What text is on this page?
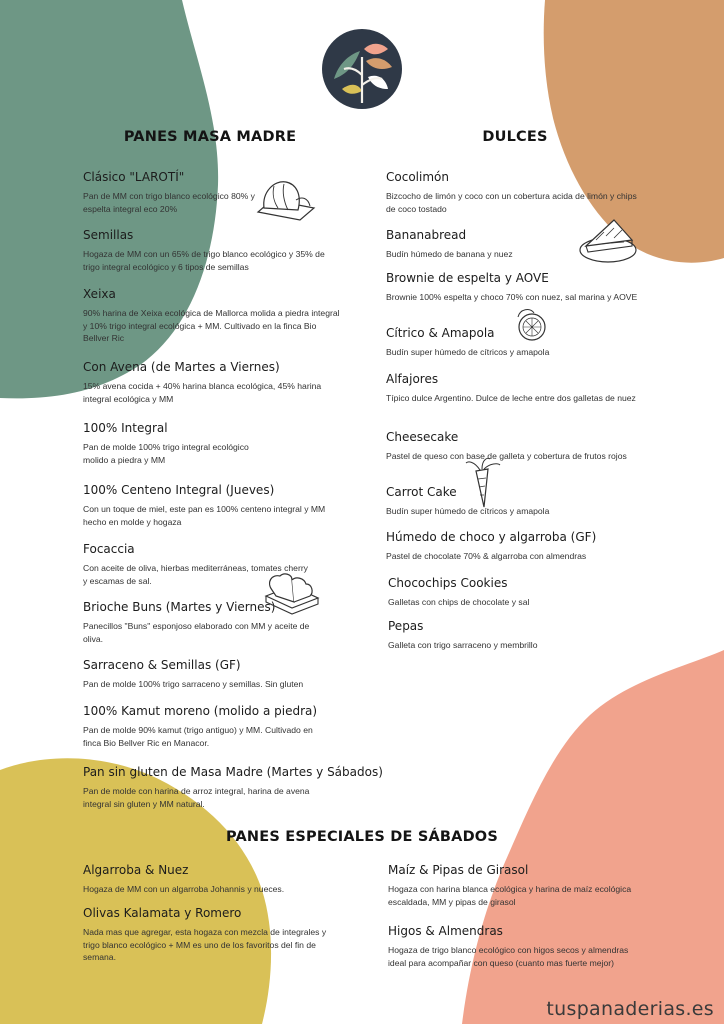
PANES MASA MADRE	DULCES
PANES ESPECIALES DE SÁBADOS
Clásico "LAROTÍ"
Pan de MM con trigo blanco ecológico 80% y espelta integral eco 20%
Semillas
Hogaza de MM con un 65% de trigo blanco ecológico y 35% de trigo integral ecológico y 6 tipos de semillas
Xeixa
90% harina de Xeixa ecológica de Mallorca molida a piedra integral y 10% trigo integral ecológica + MM. Cultivado en la finca Bio Bellver Ric
Con Avena (de Martes a Viernes)
15% avena cocida + 40% harina blanca ecológica, 45% harina integral ecológica y MM
100% Integral
Pan de molde 100% trigo integral ecológico molido a piedra y MM
100% Centeno Integral (Jueves)
Con un toque de miel, este pan es 100% centeno integral y MM hecho en molde y hogaza
Focaccia
Con aceite de oliva, hierbas mediterráneas, tomates cherry y escamas de sal.
Brioche Buns (Martes y Viernes)
Panecillos "Buns" esponjoso elaborado con MM y aceite de oliva.
Sarraceno & Semillas (GF)
Pan de molde 100% trigo sarraceno y semillas. Sin gluten
100% Kamut moreno (molido a piedra)
Pan de molde 90% kamut (trigo antiguo) y MM. Cultivado en finca Bio Bellver Ric en Manacor.
Pan sin gluten de Masa Madre (Martes y Sábados)
Pan de molde con harina de arroz integral, harina de avena integral sin gluten y MM natural.
Cocolimón
Bizcocho de limón y coco con un cobertura acida de limón y chips de coco tostado
Bananabread
Budín húmedo de banana y nuez
Brownie de espelta y AOVE
Brownie 100% espelta y choco 70% con nuez, sal marina y AOVE
Cítrico & Amapola
Budín super húmedo de cítricos y amapola
Alfajores
Típico dulce Argentino. Dulce de leche entre dos galletas de nuez
Cheesecake
Pastel de queso con base de galleta y cobertura de frutos rojos
Carrot Cake
Budín super húmedo de cítricos y amapola
Húmedo de choco y algarroba (GF)
Pastel de chocolate 70% & algarroba con almendras
Chocochips Cookies
Galletas con chips de chocolate y sal
Pepas
Galleta con trigo sarraceno y membrillo
Algarroba & Nuez
Hogaza de MM con un algarroba Johannis y nueces.
Olivas Kalamata y Romero
Nada mas que agregar, esta hogaza con mezcla de integrales y trigo blanco ecológico + MM es uno de los favoritos del fin de semana.
Maíz & Pipas de Girasol
Hogaza con harina blanca ecológica y harina de maíz ecológica escaldada, MM y pipas de girasol
Higos & Almendras
Hogaza de trigo blanco ecológico con higos secos y almendras ideal para acompañar con queso (cuanto mas fuerte mejor)
tuspanaderias.es
